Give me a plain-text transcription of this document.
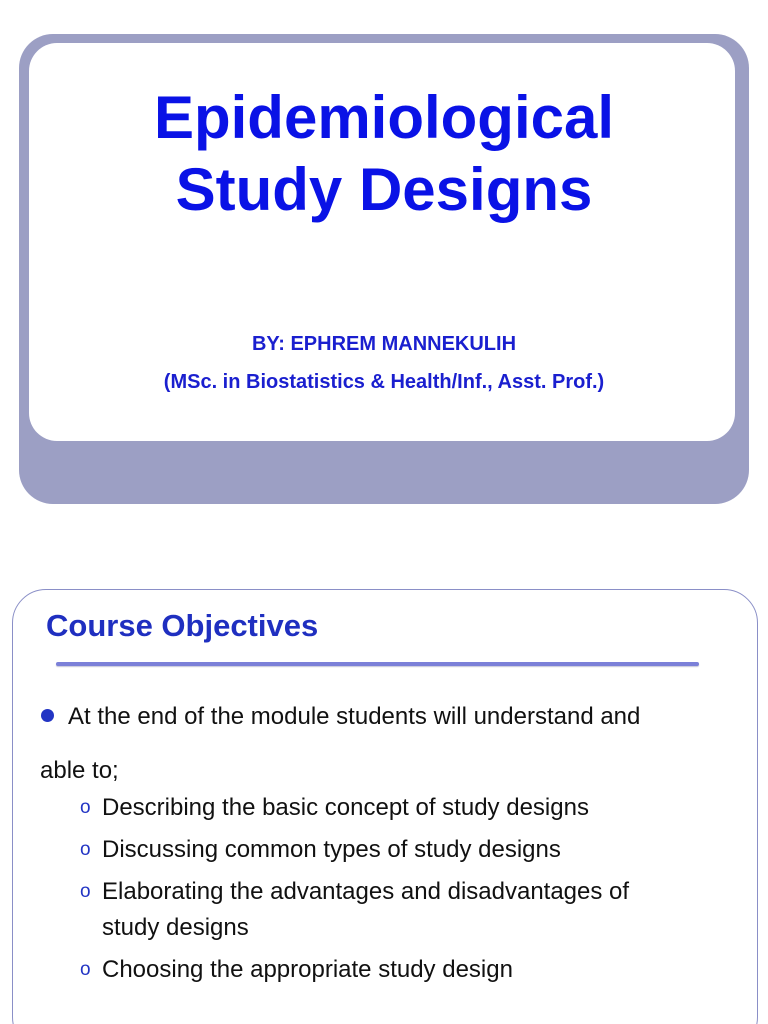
Epidemiological
Study Designs
BY: EPHREM MANNEKULIH
(MSc. in Biostatistics & Health/Inf., Asst. Prof.)
Course Objectives
At the end of the module students will understand and
able to;
o Describing the basic concept of study designs
o Discussing common types of study designs
o Elaborating the advantages and disadvantages of
study designs
o Choosing the appropriate study design
